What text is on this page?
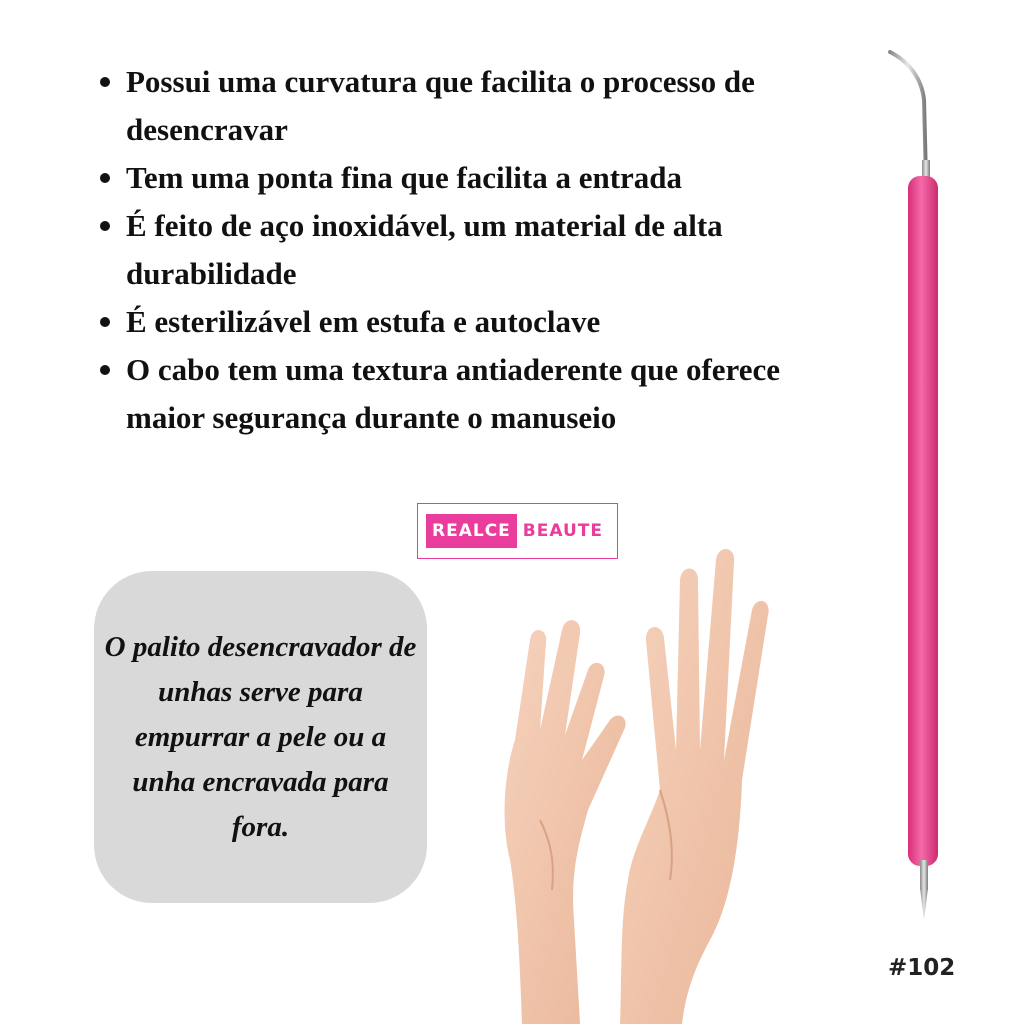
Possui uma curvatura que facilita o processo de desencravar
Tem uma ponta fina que facilita a entrada
É feito de aço inoxidável, um material de alta durabilidade
É esterilizável em estufa e autoclave
O cabo tem uma textura antiaderente que oferece maior segurança durante o manuseio
REALCE BEAUTE

O palito desencravador de unhas serve para empurrar a pele ou a unha encravada para fora.

#102
